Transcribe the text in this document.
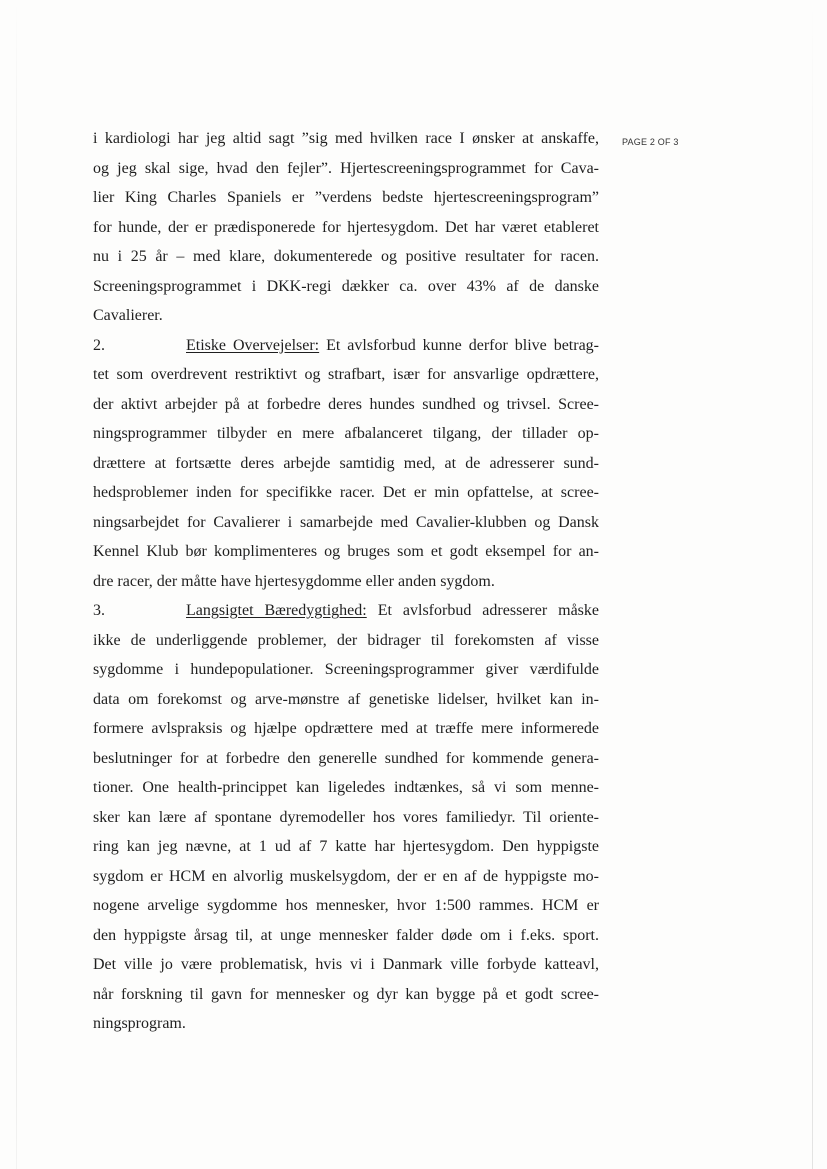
PAGE 2 OF 3
i kardiologi har jeg altid sagt ”sig med hvilken race I ønsker at anskaffe,
og jeg skal sige, hvad den fejler”. Hjertescreeningsprogrammet for Cava-
lier King Charles Spaniels er ”verdens bedste hjertescreeningsprogram”
for hunde, der er prædisponerede for hjertesygdom. Det har været etableret
nu i 25 år – med klare, dokumenterede og positive resultater for racen.
Screeningsprogrammet i DKK-regi dækker ca. over 43% af de danske
Cavalierer.
2.	Etiske Overvejelser: Et avlsforbud kunne derfor blive betrag-
tet som overdrevent restriktivt og strafbart, især for ansvarlige opdrættere,
der aktivt arbejder på at forbedre deres hundes sundhed og trivsel. Scree-
ningsprogrammer tilbyder en mere afbalanceret tilgang, der tillader op-
drættere at fortsætte deres arbejde samtidig med, at de adresserer sund-
hedsproblemer inden for specifikke racer. Det er min opfattelse, at scree-
ningsarbejdet for Cavalierer i samarbejde med Cavalier-klubben og Dansk
Kennel Klub bør komplimenteres og bruges som et godt eksempel for an-
dre racer, der måtte have hjertesygdomme eller anden sygdom.
3.	Langsigtet Bæredygtighed: Et avlsforbud adresserer måske
ikke de underliggende problemer, der bidrager til forekomsten af visse
sygdomme i hundepopulationer. Screeningsprogrammer giver værdifulde
data om forekomst og arve-mønstre af genetiske lidelser, hvilket kan in-
formere avlspraksis og hjælpe opdrættere med at træffe mere informerede
beslutninger for at forbedre den generelle sundhed for kommende genera-
tioner. One health-princippet kan ligeledes indtænkes, så vi som menne-
sker kan lære af spontane dyremodeller hos vores familiedyr. Til oriente-
ring kan jeg nævne, at 1 ud af 7 katte har hjertesygdom. Den hyppigste
sygdom er HCM en alvorlig muskelsygdom, der er en af de hyppigste mo-
nogene arvelige sygdomme hos mennesker, hvor 1:500 rammes. HCM er
den hyppigste årsag til, at unge mennesker falder døde om i f.eks. sport.
Det ville jo være problematisk, hvis vi i Danmark ville forbyde katteavl,
når forskning til gavn for mennesker og dyr kan bygge på et godt scree-
ningsprogram.
